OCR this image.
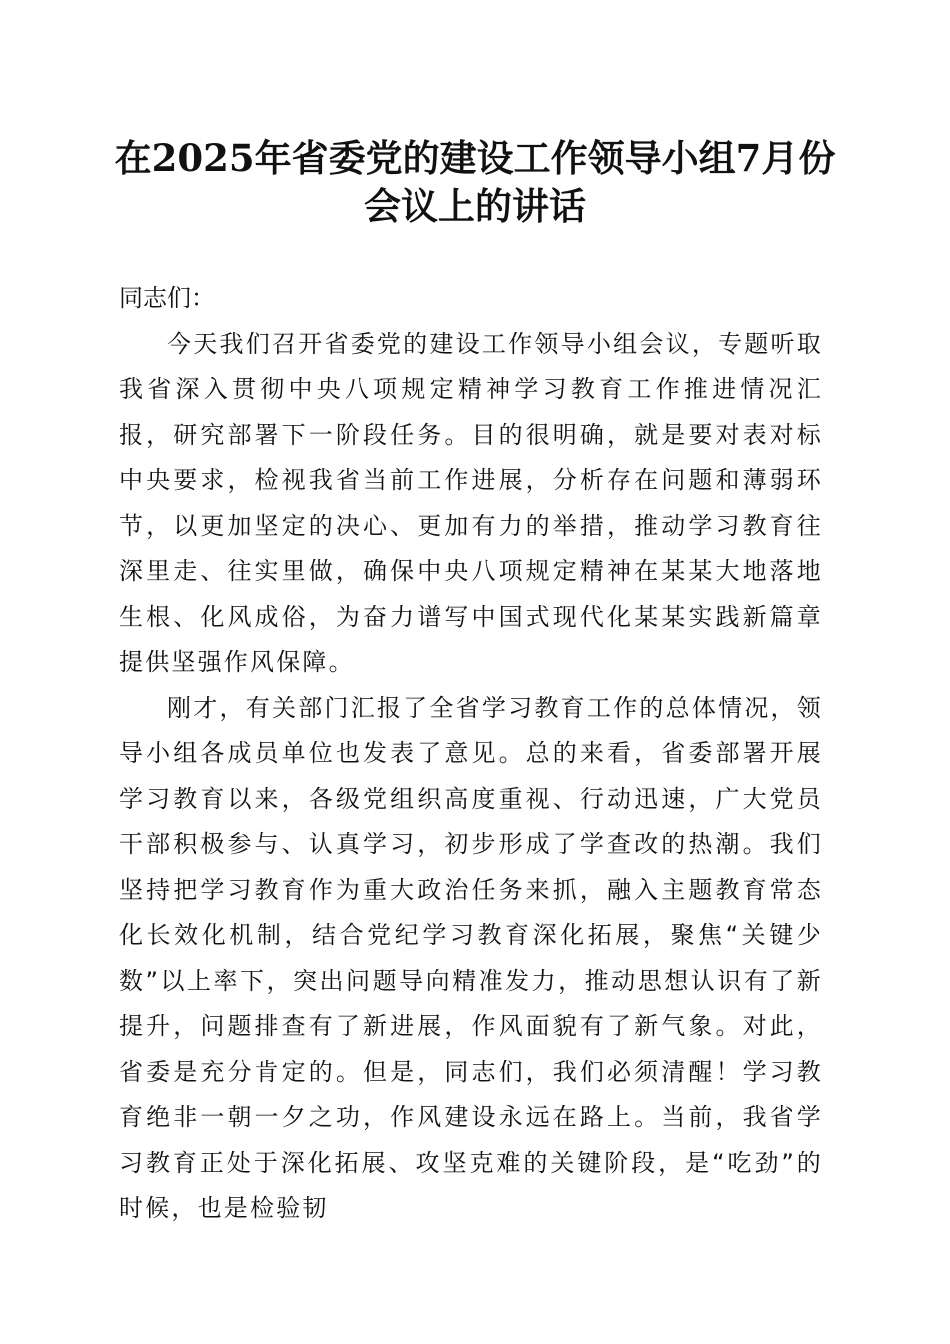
在2025年省委党的建设工作领导小组7月份
会议上的讲话

同志们：

今天我们召开省委党的建设工作领导小组会议，专题听取我省深入贯彻中央八项规定精神学习教育工作推进情况汇报，研究部署下一阶段任务。目的很明确，就是要对表对标中央要求，检视我省当前工作进展，分析存在问题和薄弱环节，以更加坚定的决心、更加有力的举措，推动学习教育往深里走、往实里做，确保中央八项规定精神在某某大地落地生根、化风成俗，为奋力谱写中国式现代化某某实践新篇章提供坚强作风保障。

刚才，有关部门汇报了全省学习教育工作的总体情况，领导小组各成员单位也发表了意见。总的来看，省委部署开展学习教育以来，各级党组织高度重视、行动迅速，广大党员干部积极参与、认真学习，初步形成了学查改的热潮。我们坚持把学习教育作为重大政治任务来抓，融入主题教育常态化长效化机制，结合党纪学习教育深化拓展，聚焦“关键少数”以上率下，突出问题导向精准发力，推动思想认识有了新提升，问题排查有了新进展，作风面貌有了新气象。对此，省委是充分肯定的。但是，同志们，我们必须清醒！学习教育绝非一朝一夕之功，作风建设永远在路上。当前，我省学习教育正处于深化拓展、攻坚克难的关键阶段，是“吃劲”的时候，也是检验韧
